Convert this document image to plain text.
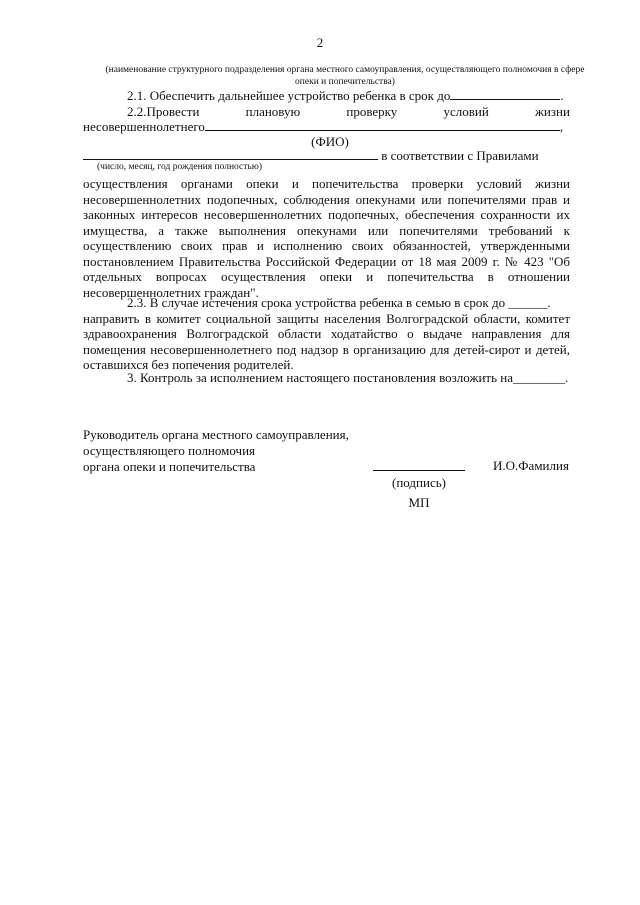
2
(наименование структурного подразделения органа местного самоуправления, осуществляющего полномочия в сфере опеки и попечительства)
2.1. Обеспечить дальнейшее устройство ребенка в срок до	.
2.2.Провести	плановую	проверку	условий	жизни
несовершеннолетнего	,
(ФИО)
в соответствии с Правилами
(число, месяц, год рождения полностью)
осуществления органами опеки и попечительства проверки условий жизни несовершеннолетних подопечных, соблюдения опекунами или попечителями прав и законных интересов несовершеннолетних подопечных, обеспечения сохранности их имущества, а также выполнения опекунами или попечителями требований к осуществлению своих прав и исполнению своих обязанностей, утвержденными постановлением Правительства Российской Федерации от 18 мая 2009 г. № 423 "Об отдельных вопросах осуществления опеки и попечительства в отношении несовершеннолетних граждан".
2.3. В случае истечения срока устройства ребенка в семью в срок до ______.
направить в комитет социальной защиты населения Волгоградской области, комитет здравоохранения Волгоградской области ходатайство о выдаче направления для помещения несовершеннолетнего под надзор в организацию для детей-сирот и детей, оставшихся без попечения родителей.
3. Контроль за исполнением настоящего постановления возложить на________.
Руководитель органа местного самоуправления,
осуществляющего полномочия
органа опеки и попечительства	И.О.Фамилия
(подпись)
МП
